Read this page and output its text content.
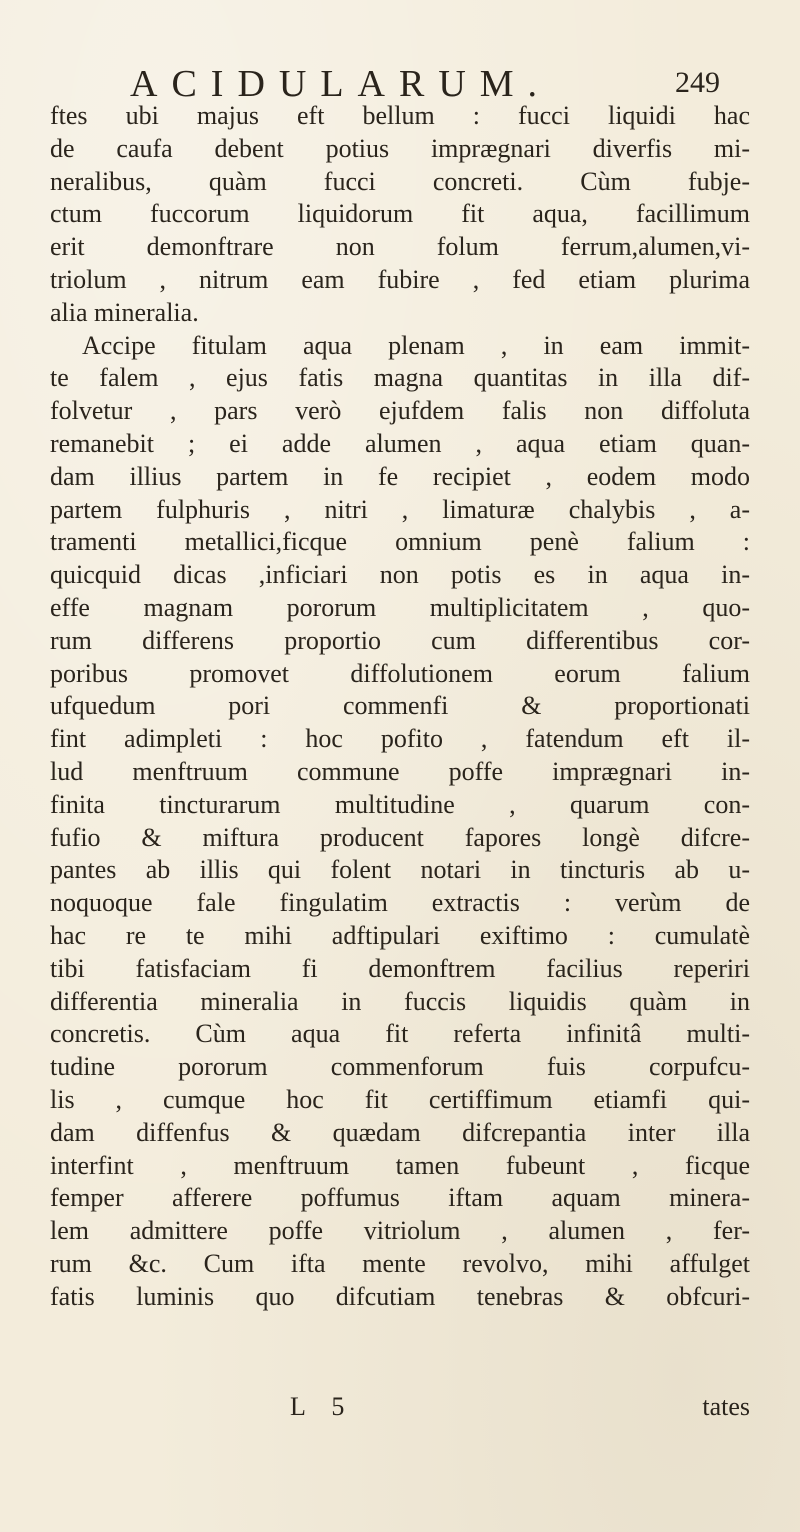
ACIDULARUM.	249
ftes ubi majus eft bellum : fucci liquidi hac
de caufa debent potius imprægnari diverfis mi-
neralibus, quàm fucci concreti. Cùm fubje-
ctum fuccorum liquidorum fit aqua, facillimum
erit demonftrare non folum ferrum,alumen,vi-
triolum , nitrum eam fubire , fed etiam plurima
alia mineralia.
Accipe fitulam aqua plenam , in eam immit-
te falem , ejus fatis magna quantitas in illa dif-
folvetur , pars verò ejufdem falis non diffoluta
remanebit ; ei adde alumen , aqua etiam quan-
dam illius partem in fe recipiet , eodem modo
partem fulphuris , nitri , limaturæ chalybis , a-
tramenti metallici,ficque omnium penè falium :
quicquid dicas ,inficiari non potis es in aqua in-
effe magnam pororum multiplicitatem , quo-
rum differens proportio cum differentibus cor-
poribus promovet diffolutionem eorum falium
ufquedum pori commenfi & proportionati
fint adimpleti : hoc pofito , fatendum eft il-
lud menftruum commune poffe imprægnari in-
finita tincturarum multitudine , quarum con-
fufio & miftura producent fapores longè difcre-
pantes ab illis qui folent notari in tincturis ab u-
noquoque fale fingulatim extractis : verùm de
hac re te mihi adftipulari exiftimo : cumulatè
tibi fatisfaciam fi demonftrem facilius reperiri
differentia mineralia in fuccis liquidis quàm in
concretis. Cùm aqua fit referta infinitâ multi-
tudine pororum commenforum fuis corpufcu-
lis , cumque hoc fit certiffimum etiamfi qui-
dam diffenfus & quædam difcrepantia inter illa
interfint , menftruum tamen fubeunt , ficque
femper afferere poffumus iftam aquam minera-
lem admittere poffe vitriolum , alumen , fer-
rum &c. Cum ifta mente revolvo, mihi affulget
fatis luminis quo difcutiam tenebras & obfcuri-
L 5	tates
